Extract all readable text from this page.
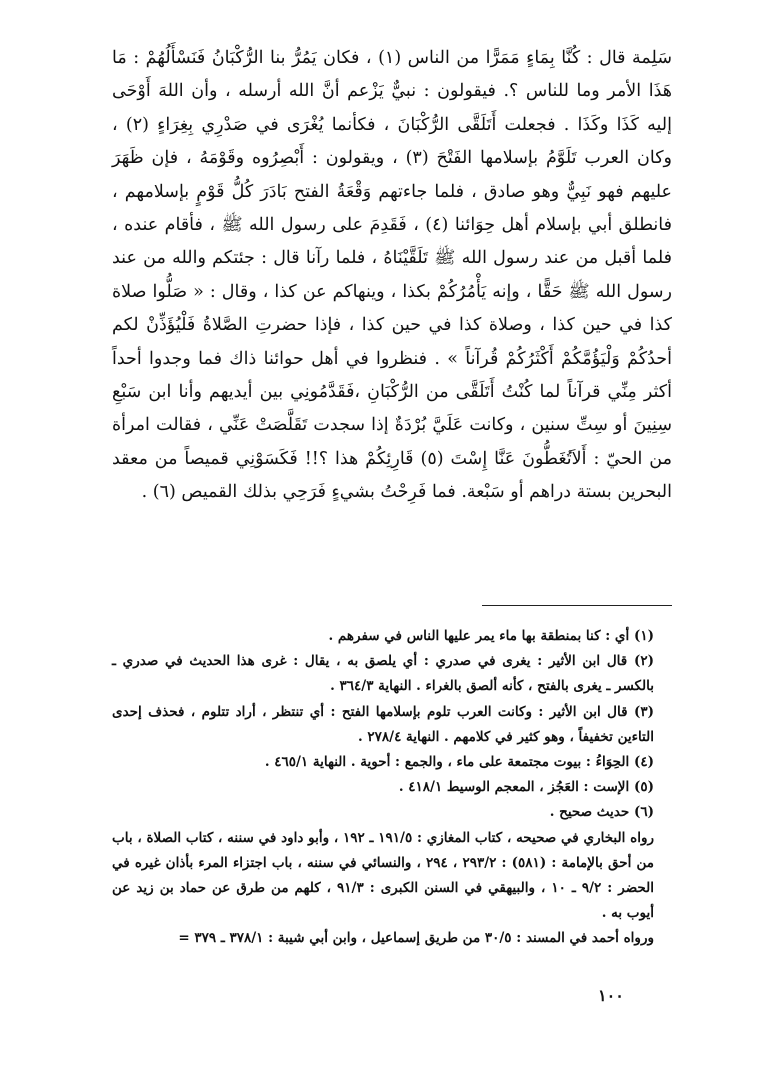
سَلِمة قال : كُنَّا بِمَاءٍ مَمَرًّا من الناس (١) ، فكان يَمُرُّ بنا الرُّكْبَانُ فَنَسْأَلُهُمْ : مَا هَذَا الأمر وما للناس ؟. فيقولون : نبيٌّ يَزْعم أنَّ الله أرسله ، وأن اللهَ أَوْحَى إليه كَذَا وكَذَا . فجعلت أَتَلَقَّى الرُّكْبَانَ ، فكأنما يُغْرَى في صَدْرِي بِغِرَاءٍ (٢) ، وكان العرب تَلَوَّمُ بإسلامها الفَتْحَ (٣) ، ويقولون : أَبْصِرُوه وقَوْمَهُ ، فإن ظَهَرَ عليهم فهو نَبِيٌّ وهو صادق ، فلما جاءتهم وَقْعَةُ الفتح بَادَرَ كُلُّ قَوْمٍ بإسلامهم ، فانطلق أبي بإسلام أهل حِوَائنا (٤) ، فَقَدِمَ على رسول الله ﷺ ، فأقام عنده ، فلما أقبل من عند رسول الله ﷺ تَلَقَّيْنَاهُ ، فلما رآنا قال : جئتكم والله من عند رسول الله ﷺ حَقًّا ، وإنه يَأْمُرُكُمْ بكذا ، وينهاكم عن كذا ، وقال : « صَلُّوا صلاة كذا في حين كذا ، وصلاة كذا في حين كذا ، فإذا حضرتِ الصَّلاةُ فَلْيُؤَذِّنْ لكم أحدُكُمْ وَلْيَؤُمَّكُمْ أَكْثَرُكُمْ قُرآناً » . فنظروا في أهل حوائنا ذاك فما وجدوا أحداً أكثر مِنِّي قرآناً لما كُنْتُ أَتَلَقَّى من الرُّكْبَانِ ،فَقَدَّمُونِي بين أيديهم وأنا ابن سَبْعِ سِنِينَ أو سِتِّ سنين ، وكانت عَلَيَّ بُرْدَةٌ إذا سجدت تَقَلَّصَتْ عَنِّي ، فقالت امرأة من الحيّ : أَلاَتُغَطُّونَ عَنَّا إِسْتَ (٥) قَارِئِكُمْ هذا ؟!! فَكَسَوْنِي قميصاً من معقد البحرين بستة دراهم أو سَبْعة. فما فَرِحْتُ بشيءٍ فَرَحِي بذلك القميص (٦) .

(١) أي : كنا بمنطقة بها ماء يمر عليها الناس في سفرهم .

(٢) قال ابن الأثير : يغرى في صدري : أي يلصق به ، يقال : غرى هذا الحديث في صدري ـ بالكسر ـ يغرى بالفتح ، كأنه ألصق بالغراء . النهاية ٣٦٤/٣ .

(٣) قال ابن الأثير : وكانت العرب تلوم بإسلامها الفتح : أي تنتظر ، أراد تتلوم ، فحذف إحدى التاءين تخفيفاً ، وهو كثير في كلامهم . النهاية ٢٧٨/٤ .

(٤) الحِوَاءُ : بيوت مجتمعة على ماء ، والجمع : أحوية . النهاية ٤٦٥/١ .

(٥) الإست : العَجُز ، المعجم الوسيط ٤١٨/١ .

(٦) حديث صحيح .

رواه البخاري في صحيحه ، كتاب المغازي : ١٩١/٥ ـ ١٩٢ ، وأبو داود في سننه ، كتاب الصلاة ، باب من أحق بالإمامة : (٥٨١) : ٢٩٣/٢ ، ٢٩٤ ، والنسائي في سننه ، باب اجتزاء المرء بأذان غيره في الحضر : ٩/٢ ـ ١٠ ، والبيهقي في السنن الكبرى : ٩١/٣ ، كلهم من طرق عن حماد بن زيد عن أيوب به .

ورواه أحمد في المسند : ٣٠/٥ من طريق إسماعيل ، وابن أبي شيبة : ٣٧٨/١ ـ ٣٧٩ =

١٠٠
